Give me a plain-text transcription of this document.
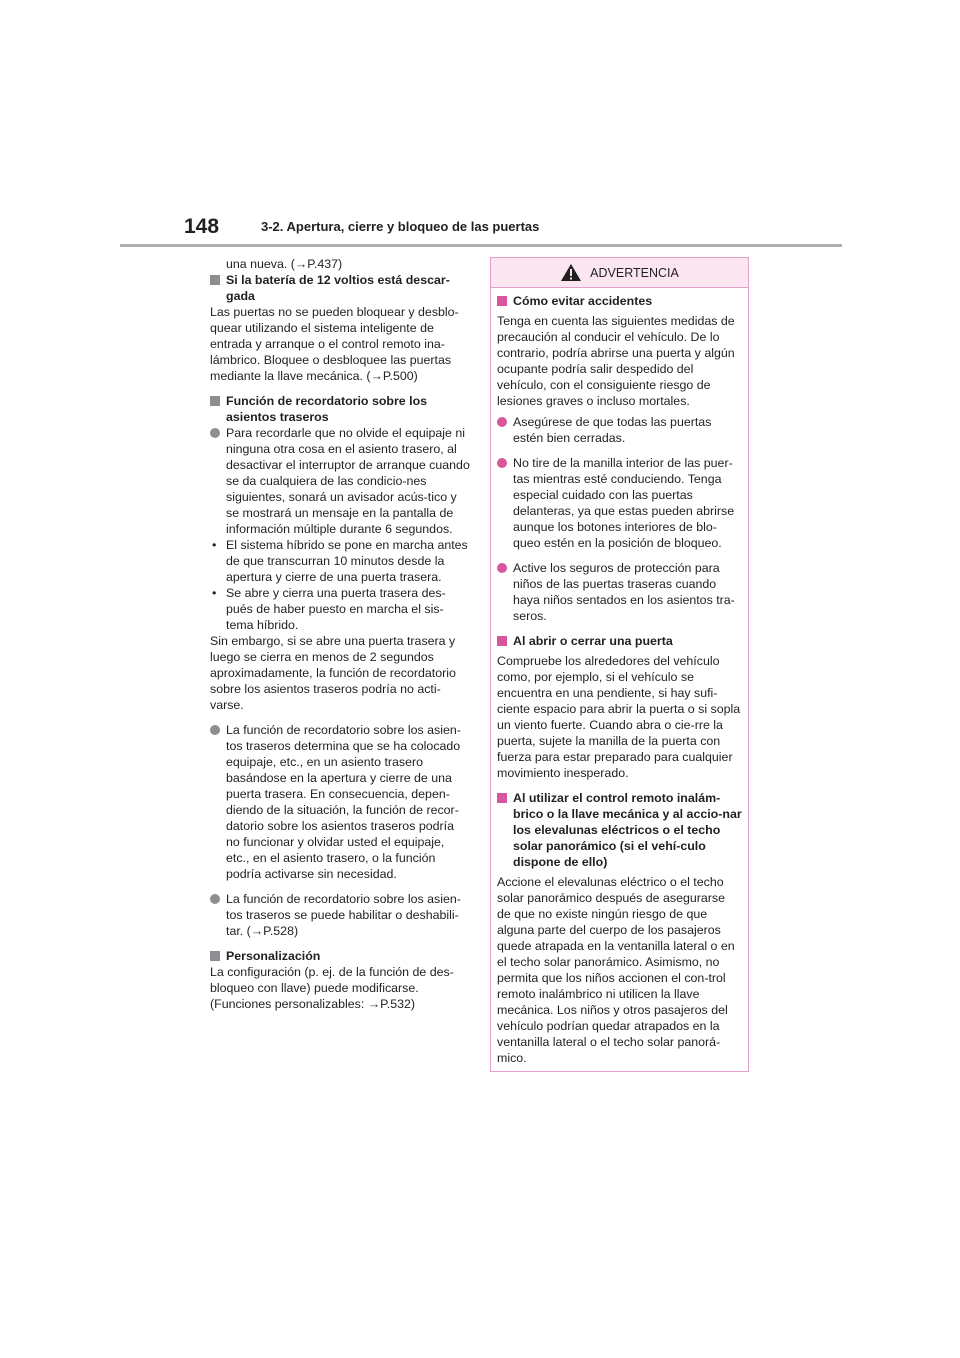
148	3-2. Apertura, cierre y bloqueo de las puertas

una nueva. (→P.437)

Si la batería de 12 voltios está descar-gada

Las puertas no se pueden bloquear y desblo-quear utilizando el sistema inteligente de entrada y arranque o el control remoto ina-lámbrico. Bloquee o desbloquee las puertas mediante la llave mecánica. (→P.500)

Función de recordatorio sobre los asientos traseros

Para recordarle que no olvide el equipaje ni ninguna otra cosa en el asiento trasero, al desactivar el interruptor de arranque cuando se da cualquiera de las condicio-nes siguientes, sonará un avisador acús-tico y se mostrará un mensaje en la pantalla de información múltiple durante 6 segundos.
• El sistema híbrido se pone en marcha antes de que transcurran 10 minutos desde la apertura y cierre de una puerta trasera.
• Se abre y cierra una puerta trasera des-pués de haber puesto en marcha el sis-tema híbrido.

Sin embargo, si se abre una puerta trasera y luego se cierra en menos de 2 segundos aproximadamente, la función de recordatorio sobre los asientos traseros podría no acti-varse.

La función de recordatorio sobre los asien-tos traseros determina que se ha colocado equipaje, etc., en un asiento trasero basándose en la apertura y cierre de una puerta trasera. En consecuencia, depen-diendo de la situación, la función de recor-datorio sobre los asientos traseros podría no funcionar y olvidar usted el equipaje, etc., en el asiento trasero, o la función podría activarse sin necesidad.
La función de recordatorio sobre los asien-tos traseros se puede habilitar o deshabili-tar. (→P.528)

Personalización

La configuración (p. ej. de la función de des-bloqueo con llave) puede modificarse. (Funciones personalizables: →P.532)

ADVERTENCIA

Cómo evitar accidentes

Tenga en cuenta las siguientes medidas de precaución al conducir el vehículo. De lo contrario, podría abrirse una puerta y algún ocupante podría salir despedido del vehículo, con el consiguiente riesgo de lesiones graves o incluso mortales.

Asegúrese de que todas las puertas estén bien cerradas.
No tire de la manilla interior de las puer-tas mientras esté conduciendo. Tenga especial cuidado con las puertas delanteras, ya que estas pueden abrirse aunque los botones interiores de blo-queo estén en la posición de bloqueo.
Active los seguros de protección para niños de las puertas traseras cuando haya niños sentados en los asientos tra-seros.

Al abrir o cerrar una puerta

Compruebe los alrededores del vehículo como, por ejemplo, si el vehículo se encuentra en una pendiente, si hay sufi-ciente espacio para abrir la puerta o si sopla un viento fuerte. Cuando abra o cie-rre la puerta, sujete la manilla de la puerta con fuerza para estar preparado para cualquier movimiento inesperado.

Al utilizar el control remoto inalám-brico o la llave mecánica y al accio-nar los elevalunas eléctricos o el techo solar panorámico (si el vehí-culo dispone de ello)

Accione el elevalunas eléctrico o el techo solar panorámico después de asegurarse de que no existe ningún riesgo de que alguna parte del cuerpo de los pasajeros quede atrapada en la ventanilla lateral o en el techo solar panorámico. Asimismo, no permita que los niños accionen el con-trol remoto inalámbrico ni utilicen la llave mecánica. Los niños y otros pasajeros del vehículo podrían quedar atrapados en la ventanilla lateral o el techo solar panorá-mico.
